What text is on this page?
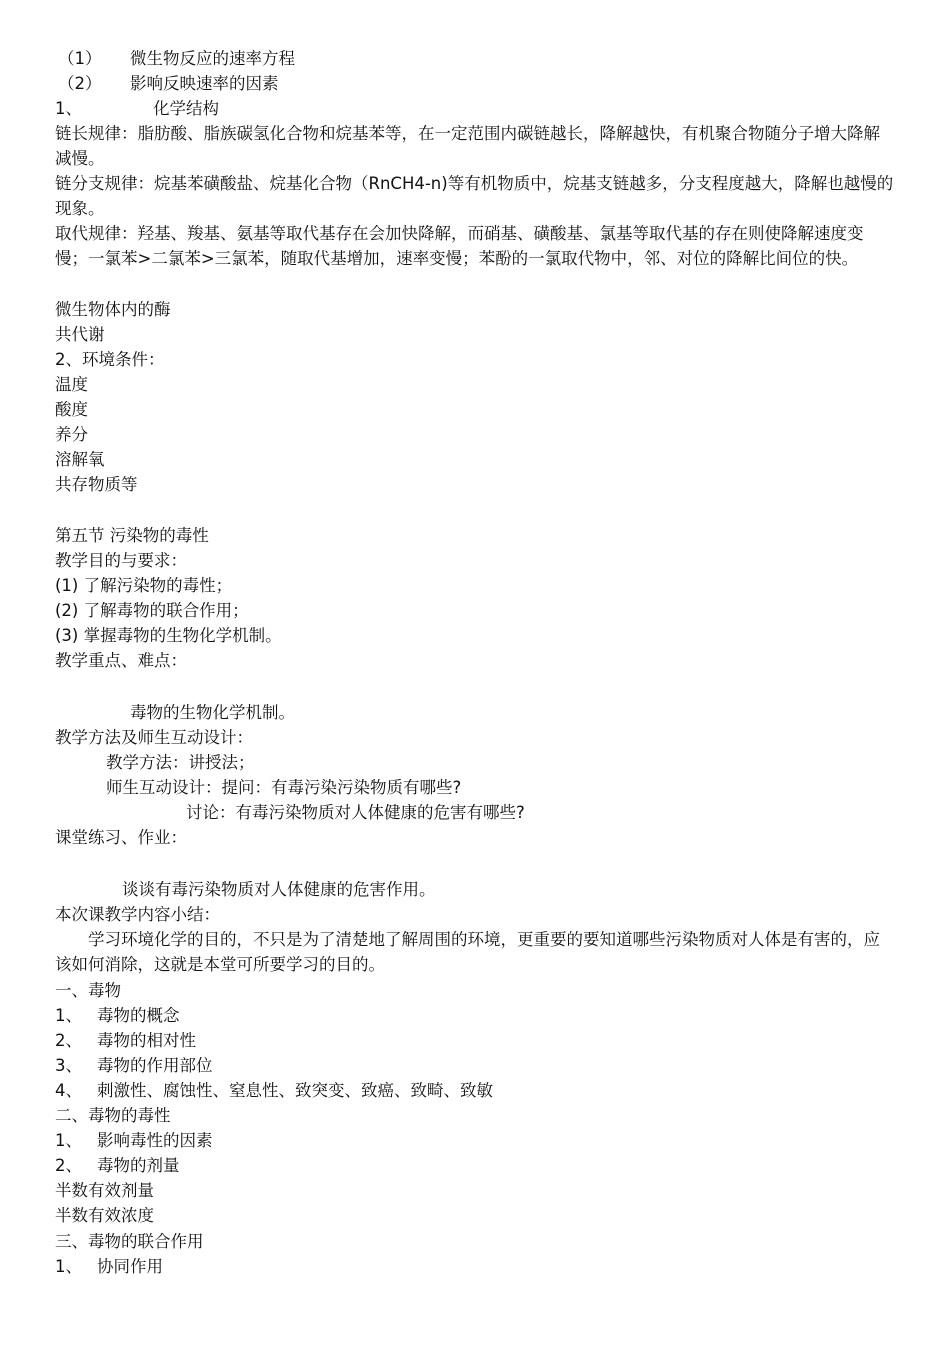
（1） 微生物反应的速率方程

（2） 影响反映速率的因素

1、	化学结构

链长规律：脂肪酸、脂族碳氢化合物和烷基苯等，在一定范围内碳链越长，降解越快，有机聚合物随分子增大降解减慢。

链分支规律：烷基苯磺酸盐、烷基化合物（RnCH4-n)等有机物质中，烷基支链越多，分支程度越大，降解也越慢的现象。

取代规律：羟基、羧基、氨基等取代基存在会加快降解，而硝基、磺酸基、氯基等取代基的存在则使降解速度变慢；一氯苯>二氯苯>三氯苯，随取代基增加，速率变慢；苯酚的一氯取代物中，邻、对位的降解比间位的快。

微生物体内的酶

共代谢

2、环境条件：

温度

酸度

养分

溶解氧

共存物质等

第五节 污染物的毒性

教学目的与要求：

(1) 了解污染物的毒性；

(2) 了解毒物的联合作用；

(3) 掌握毒物的生物化学机制。

教学重点、难点：

毒物的生物化学机制。

教学方法及师生互动设计：

教学方法：讲授法；

师生互动设计：提问：有毒污染污染物质有哪些?

讨论：有毒污染物质对人体健康的危害有哪些?

课堂练习、作业：

谈谈有毒污染物质对人体健康的危害作用。

本次课教学内容小结：

学习环境化学的目的，不只是为了清楚地了解周围的环境，更重要的要知道哪些污染物质对人体是有害的，应该如何消除，这就是本堂可所要学习的目的。

一、毒物

1、 毒物的概念

2、 毒物的相对性

3、 毒物的作用部位

4、 刺激性、腐蚀性、窒息性、致突变、致癌、致畸、致敏

二、毒物的毒性

1、 影响毒性的因素

2、 毒物的剂量

半数有效剂量

半数有效浓度

三、毒物的联合作用

1、 协同作用
